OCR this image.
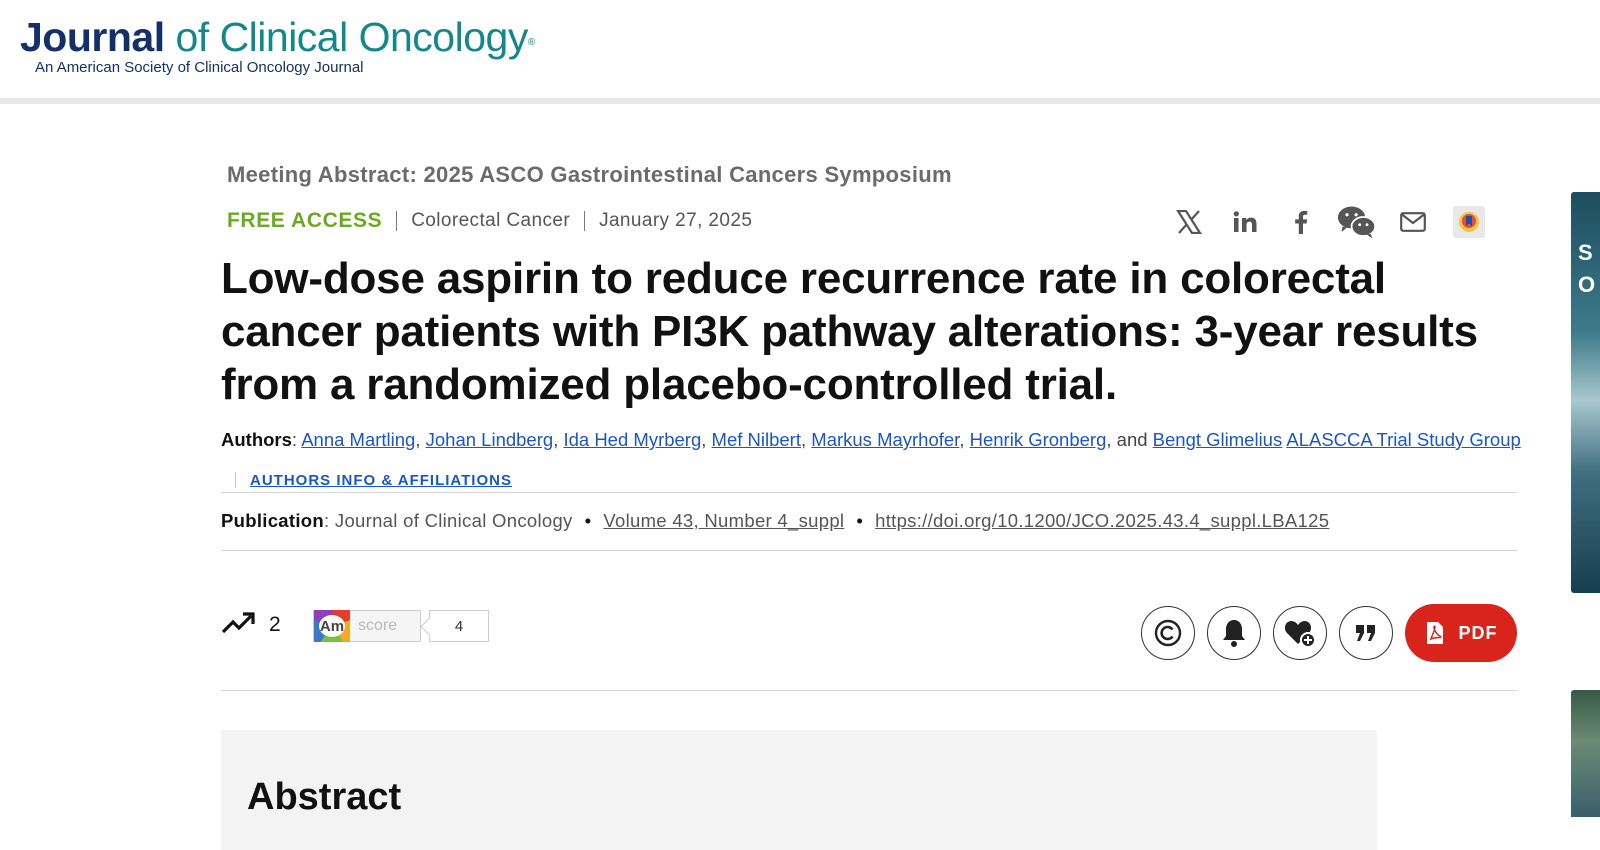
Journal of Clinical Oncology®
An American Society of Clinical Oncology Journal
S
O
Meeting Abstract: 2025 ASCO Gastrointestinal Cancers Symposium
FREE ACCESS Colorectal Cancer January 27, 2025
Low-dose aspirin to reduce recurrence rate in colorectal cancer patients with PI3K pathway alterations: 3-year results from a randomized placebo-controlled trial.
Authors: Anna Martling, Johan Lindberg, Ida Hed Myrberg, Mef Nilbert, Markus Mayrhofer, Henrik Gronberg, and Bengt Glimelius ALASCCA Trial Study GroupAUTHORS INFO & AFFILIATIONS
Publication: Journal of Clinical Oncology • Volume 43, Number 4_suppl • https://doi.org/10.1200/JCO.2025.43.4_suppl.LBA125
2	Am score	4	PDF
Abstract
